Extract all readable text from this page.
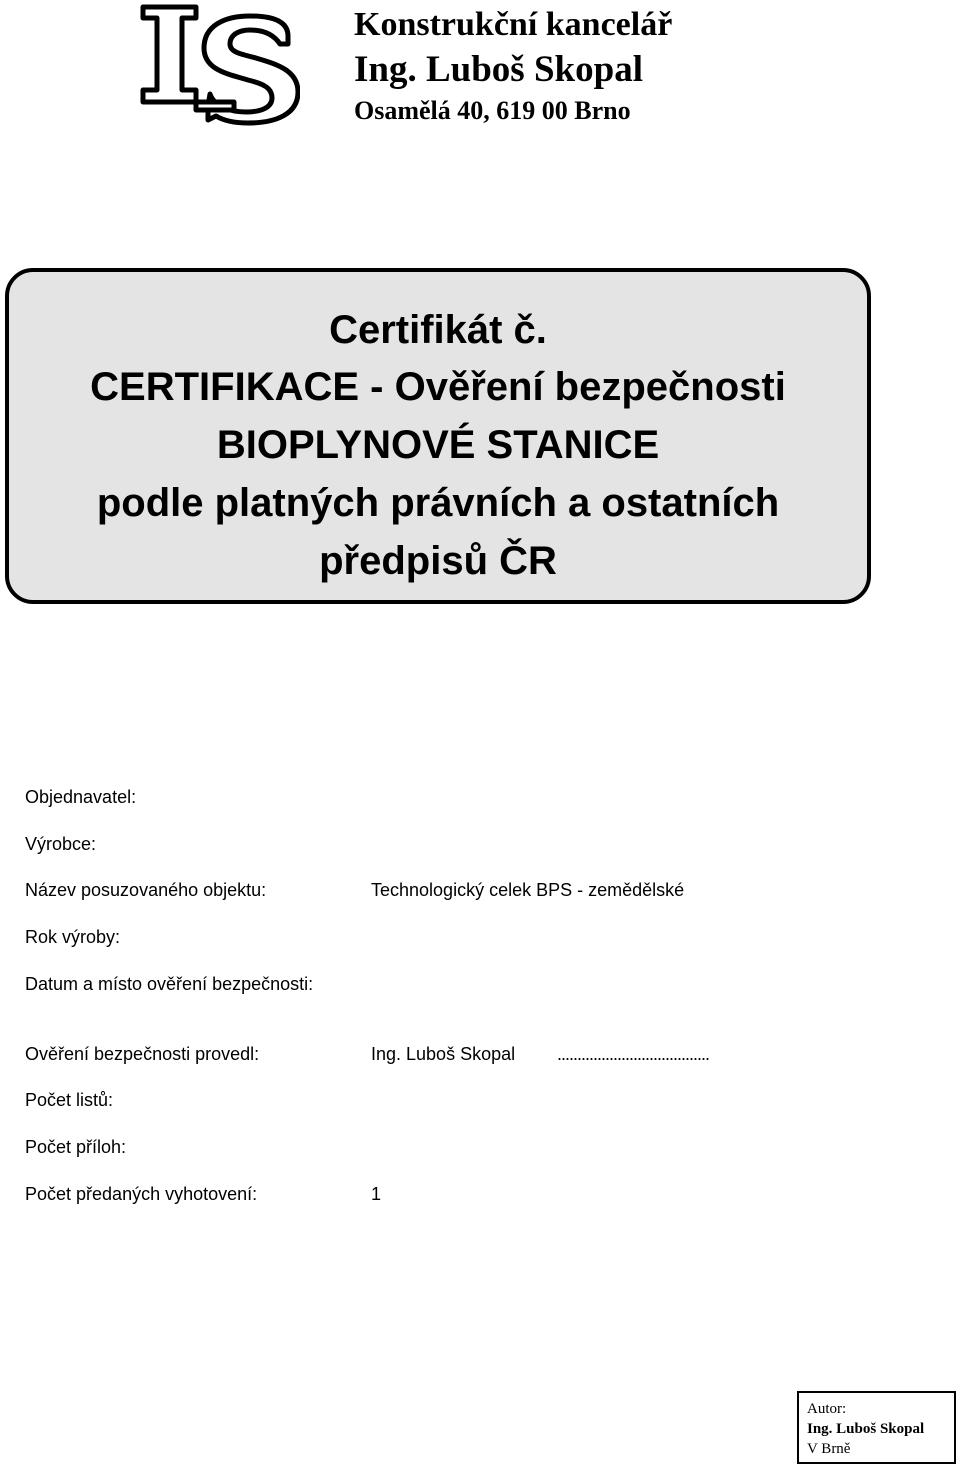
Konstrukční kancelář
Ing. Luboš Skopal
Osamělá 40, 619 00 Brno
Certifikát č.
CERTIFIKACE - Ověření bezpečnosti
BIOPLYNOVÉ STANICE
podle platných právních a ostatních
předpisů ČR
Objednavatel:
Výrobce:
Název posuzovaného objektu:	Technologický celek BPS - zemědělské
Rok výroby:
Datum a místo ověření bezpečnosti:
Ověření bezpečnosti provedl:	Ing. Luboš Skopal ......................................
Počet listů:
Počet příloh:
Počet předaných vyhotovení:	1
Autor:
Ing. Luboš Skopal
V Brně
